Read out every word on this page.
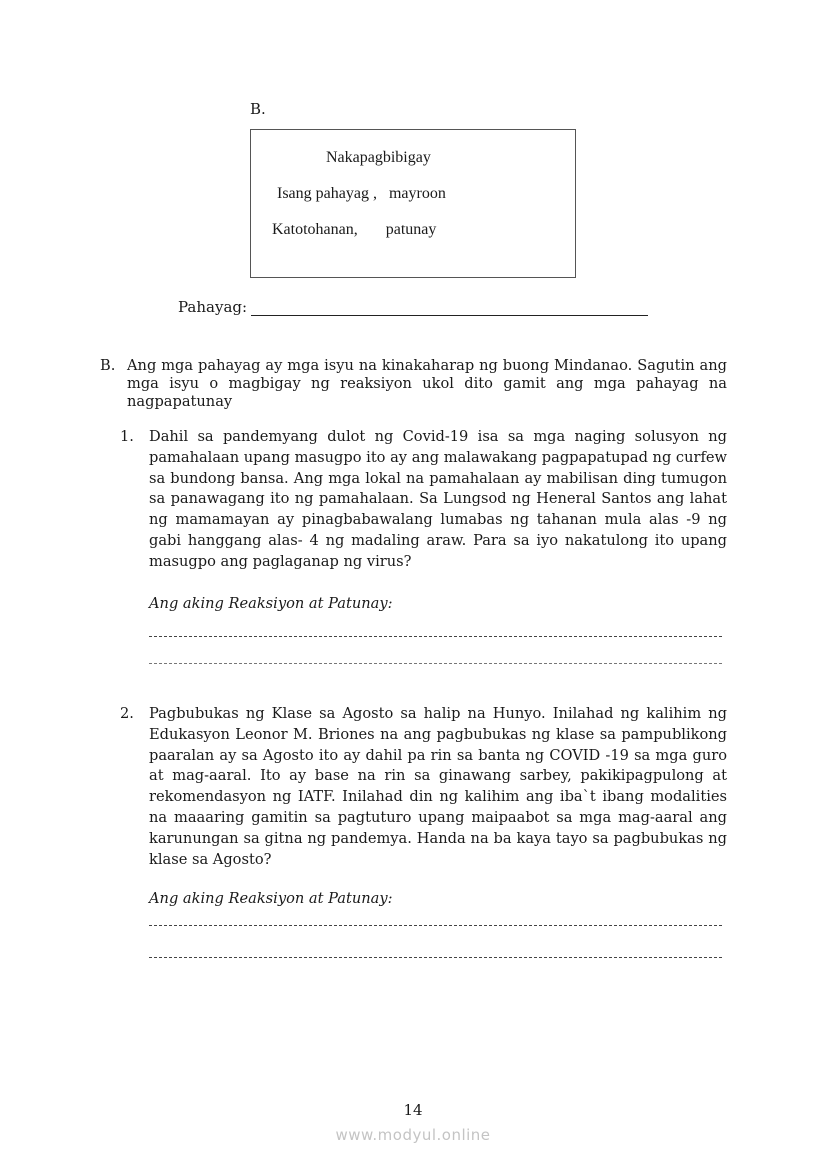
B.
Nakapagbibigay
Isang pahayag ,   mayroon
Katotohanan,       patunay
Pahayag:
B. Ang mga pahayag ay mga isyu na kinakaharap ng buong Mindanao. Sagutin ang mga isyu o magbigay ng reaksiyon ukol dito gamit ang mga pahayag na nagpapatunay
1.	Dahil sa pandemyang dulot ng Covid-19 isa sa mga naging solusyon ng pamahalaan upang masugpo ito ay ang malawakang pagpapatupad ng curfew sa bundong bansa. Ang mga lokal na pamahalaan ay mabilisan ding tumugon sa panawagang ito ng pamahalaan. Sa Lungsod ng Heneral Santos ang lahat ng mamamayan ay pinagbabawalang lumabas ng tahanan mula alas -9 ng gabi hanggang alas- 4 ng madaling araw. Para sa iyo nakatulong ito upang masugpo ang paglaganap ng virus?
Ang aking Reaksiyon at Patunay:
2.	Pagbubukas ng Klase sa Agosto sa halip na Hunyo. Inilahad ng kalihim ng Edukasyon Leonor M. Briones na ang pagbubukas ng klase sa pampublikong paaralan ay sa Agosto ito ay dahil pa rin sa banta ng COVID -19 sa mga guro at mag-aaral. Ito ay base na rin sa ginawang sarbey, pakikipagpulong at rekomendasyon ng IATF. Inilahad din ng kalihim ang iba`t ibang modalities na maaaring gamitin sa pagtuturo upang maipaabot sa mga mag-aaral ang karunungan sa gitna ng pandemya. Handa na ba kaya tayo sa pagbubukas ng klase sa Agosto?
Ang aking Reaksiyon at Patunay:
14
www.modyul.online
